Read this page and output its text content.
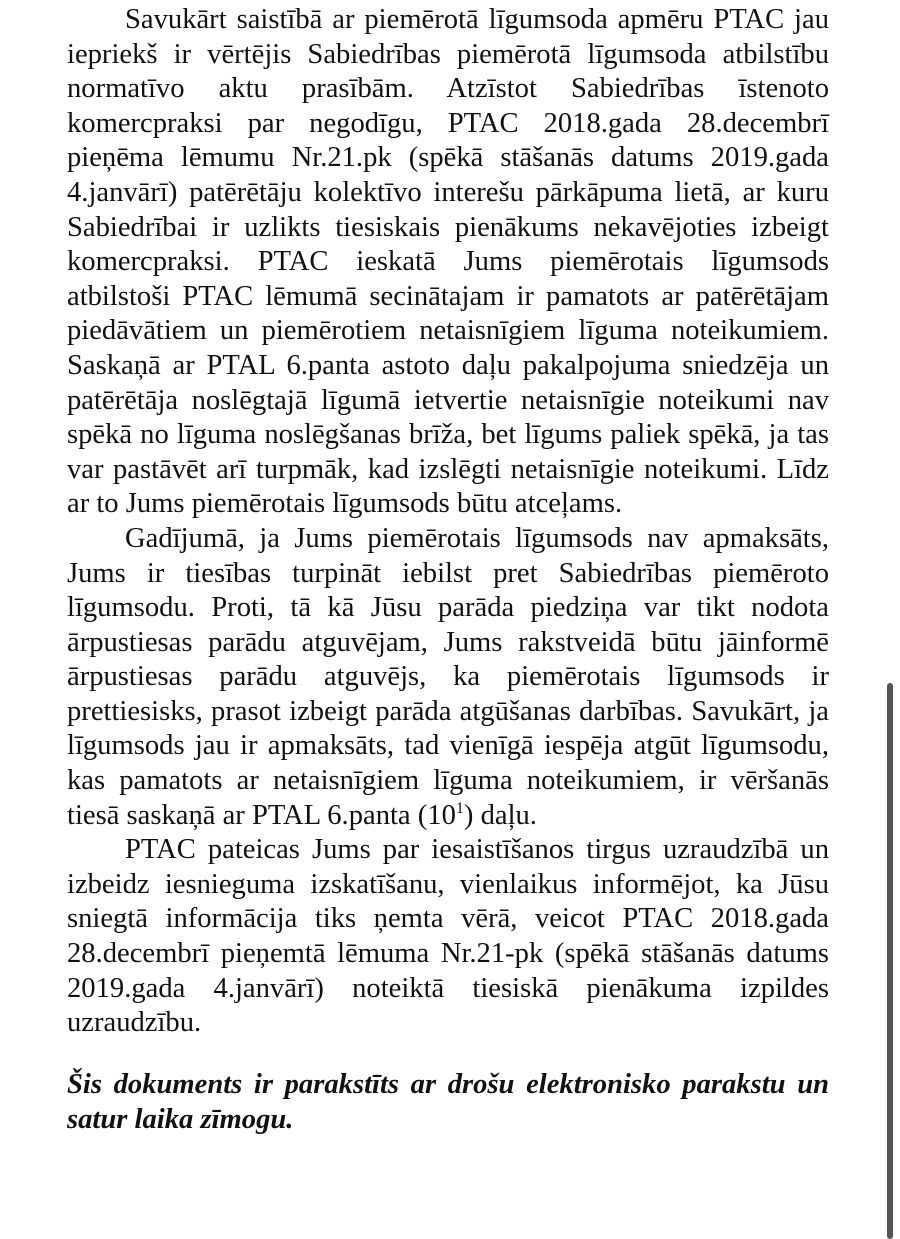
Savukārt saistībā ar piemērotā līgumsoda apmēru PTAC jau iepriekš ir vērtējis Sabiedrības piemērotā līgumsoda atbilstību normatīvo aktu prasībām. Atzīstot Sabiedrības īstenoto komercpraksi par negodīgu, PTAC 2018.gada 28.decembrī pieņēma lēmumu Nr.21.pk (spēkā stāšanās datums 2019.gada 4.janvārī) patērētāju kolektīvo interešu pārkāpuma lietā, ar kuru Sabiedrībai ir uzlikts tiesiskais pienākums nekavējoties izbeigt komercpraksi. PTAC ieskatā Jums piemērotais līgumsods atbilstoši PTAC lēmumā secinātajam ir pamatots ar patērētājam piedāvātiem un piemērotiem netaisnīgiem līguma noteikumiem. Saskaņā ar PTAL 6.panta astoto daļu pakalpojuma sniedzēja un patērētāja noslēgtajā līgumā ietvertie netaisnīgie noteikumi nav spēkā no līguma noslēgšanas brīža, bet līgums paliek spēkā, ja tas var pastāvēt arī turpmāk, kad izslēgti netaisnīgie noteikumi. Līdz ar to Jums piemērotais līgumsods būtu atceļams.

Gadījumā, ja Jums piemērotais līgumsods nav apmaksāts, Jums ir tiesības turpināt iebilst pret Sabiedrības piemēroto līgumsodu. Proti, tā kā Jūsu parāda piedziņa var tikt nodota ārpustiesas parādu atguvējam, Jums rakstveidā būtu jāinformē ārpustiesas parādu atguvējs, ka piemērotais līgumsods ir prettiesisks, prasot izbeigt parāda atgūšanas darbības. Savukārt, ja līgumsods jau ir apmaksāts, tad vienīgā iespēja atgūt līgumsodu, kas pamatots ar netaisnīgiem līguma noteikumiem, ir vēršanās tiesā saskaņā ar PTAL 6.panta $(10^1)$ daļu.

PTAC pateicas Jums par iesaistīšanos tirgus uzraudzībā un izbeidz iesnieguma izskatīšanu, vienlaikus informējot, ka Jūsu sniegtā informācija tiks ņemta vērā, veicot PTAC 2018.gada 28.decembrī pieņemtā lēmuma Nr.21-pk (spēkā stāšanās datums 2019.gada 4.janvārī) noteiktā tiesiskā pienākuma izpildes uzraudzību.

Šis dokuments ir parakstīts ar drošu elektronisko parakstu un satur laika zīmogu.
